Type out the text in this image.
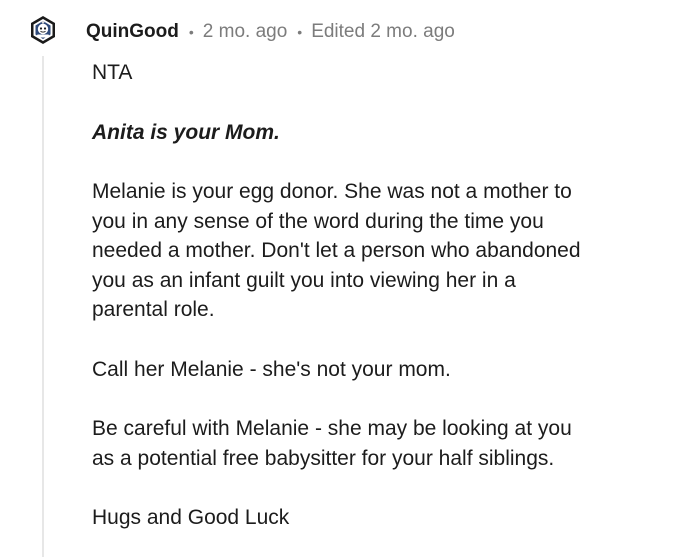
QuinGood • 2 mo. ago • Edited 2 mo. ago

NTA

Anita is your Mom.

Melanie is your egg donor. She was not a mother to
you in any sense of the word during the time you
needed a mother. Don't let a person who abandoned
you as an infant guilt you into viewing her in a
parental role.

Call her Melanie - she's not your mom.

Be careful with Melanie - she may be looking at you
as a potential free babysitter for your half siblings.

Hugs and Good Luck
